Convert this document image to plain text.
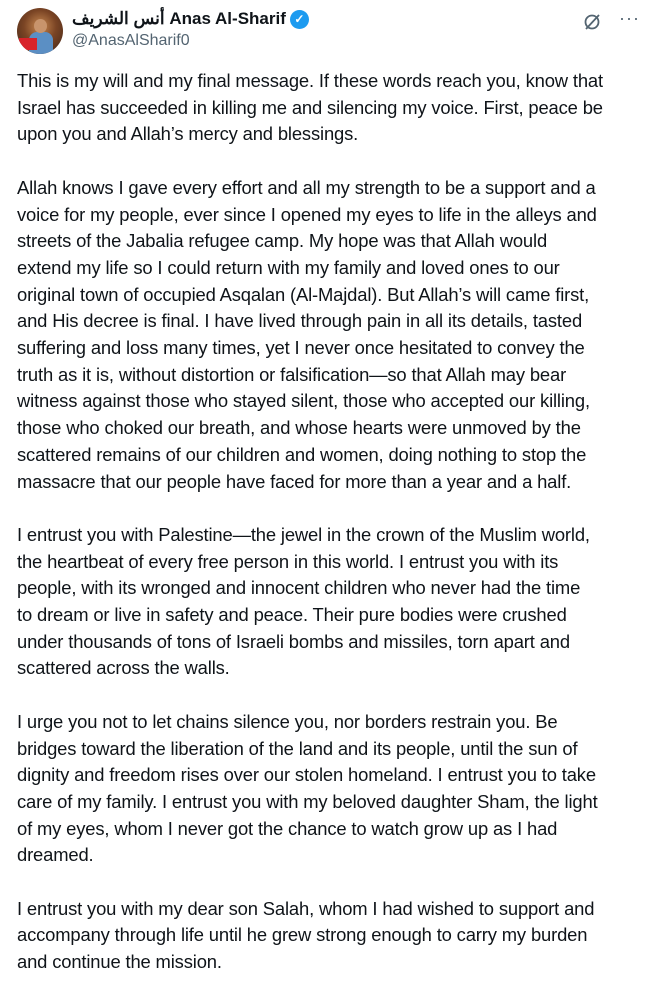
أنس الشريف Anas Al-Sharif ✓
@AnasAlSharif0
···

This is my will and my final message. If these words reach you, know that
Israel has succeeded in killing me and silencing my voice. First, peace be
upon you and Allah’s mercy and blessings.

Allah knows I gave every effort and all my strength to be a support and a
voice for my people, ever since I opened my eyes to life in the alleys and
streets of the Jabalia refugee camp. My hope was that Allah would
extend my life so I could return with my family and loved ones to our
original town of occupied Asqalan (Al-Majdal). But Allah’s will came first,
and His decree is final. I have lived through pain in all its details, tasted
suffering and loss many times, yet I never once hesitated to convey the
truth as it is, without distortion or falsification—so that Allah may bear
witness against those who stayed silent, those who accepted our killing,
those who choked our breath, and whose hearts were unmoved by the
scattered remains of our children and women, doing nothing to stop the
massacre that our people have faced for more than a year and a half.

I entrust you with Palestine—the jewel in the crown of the Muslim world,
the heartbeat of every free person in this world. I entrust you with its
people, with its wronged and innocent children who never had the time
to dream or live in safety and peace. Their pure bodies were crushed
under thousands of tons of Israeli bombs and missiles, torn apart and
scattered across the walls.

I urge you not to let chains silence you, nor borders restrain you. Be
bridges toward the liberation of the land and its people, until the sun of
dignity and freedom rises over our stolen homeland. I entrust you to take
care of my family. I entrust you with my beloved daughter Sham, the light
of my eyes, whom I never got the chance to watch grow up as I had
dreamed.

I entrust you with my dear son Salah, whom I had wished to support and
accompany through life until he grew strong enough to carry my burden
and continue the mission.
